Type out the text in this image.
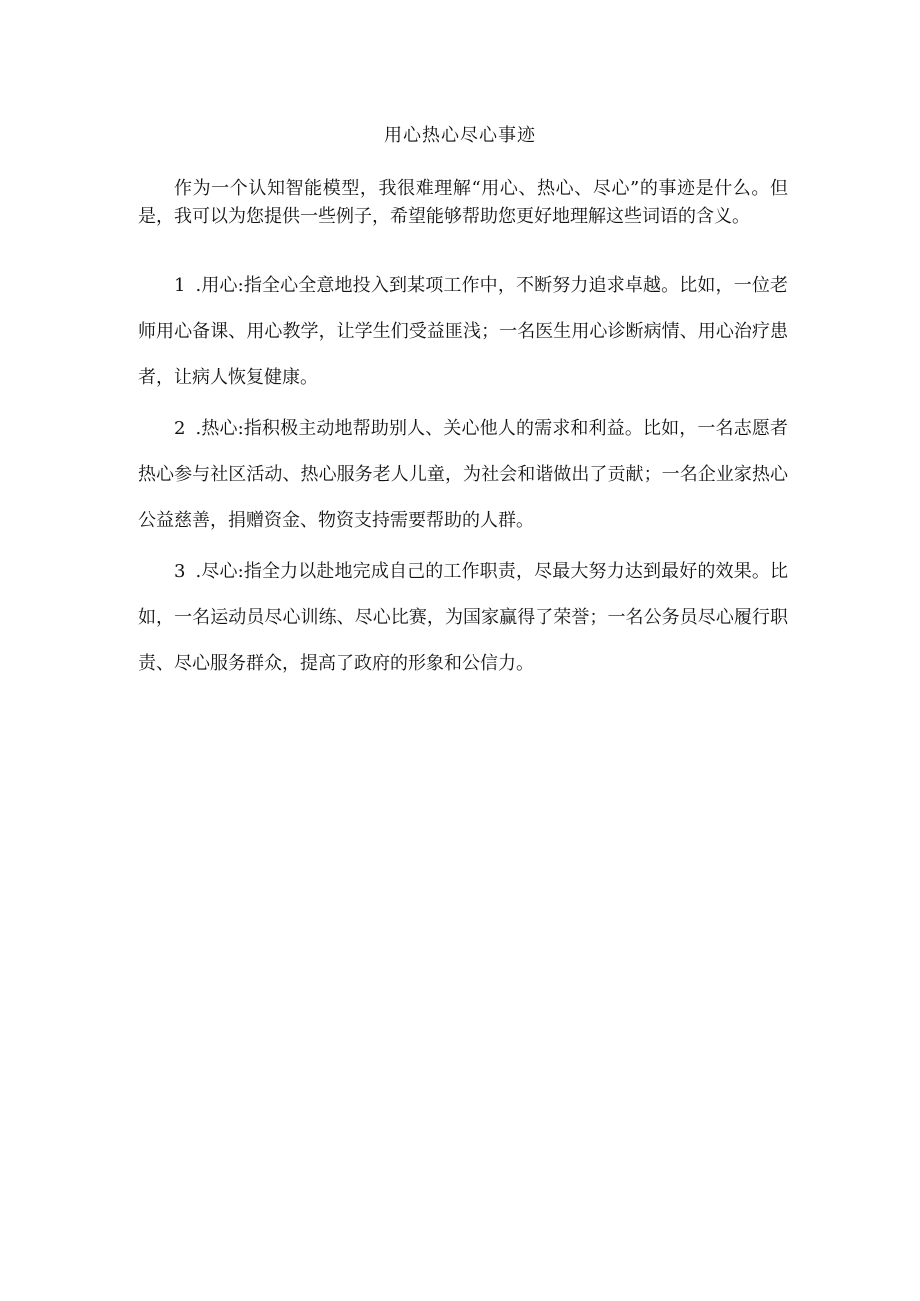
用心热心尽心事迹

作为一个认知智能模型，我很难理解“用心、热心、尽心”的事迹是什么。但是，我可以为您提供一些例子，希望能够帮助您更好地理解这些词语的含义。

1 .用心:指全心全意地投入到某项工作中，不断努力追求卓越。比如，一位老师用心备课、用心教学，让学生们受益匪浅；一名医生用心诊断病情、用心治疗患者，让病人恢复健康。

2 .热心:指积极主动地帮助别人、关心他人的需求和利益。比如，一名志愿者热心参与社区活动、热心服务老人儿童，为社会和谐做出了贡献；一名企业家热心公益慈善，捐赠资金、物资支持需要帮助的人群。

3 .尽心:指全力以赴地完成自己的工作职责，尽最大努力达到最好的效果。比如，一名运动员尽心训练、尽心比赛，为国家赢得了荣誉；一名公务员尽心履行职责、尽心服务群众，提高了政府的形象和公信力。
